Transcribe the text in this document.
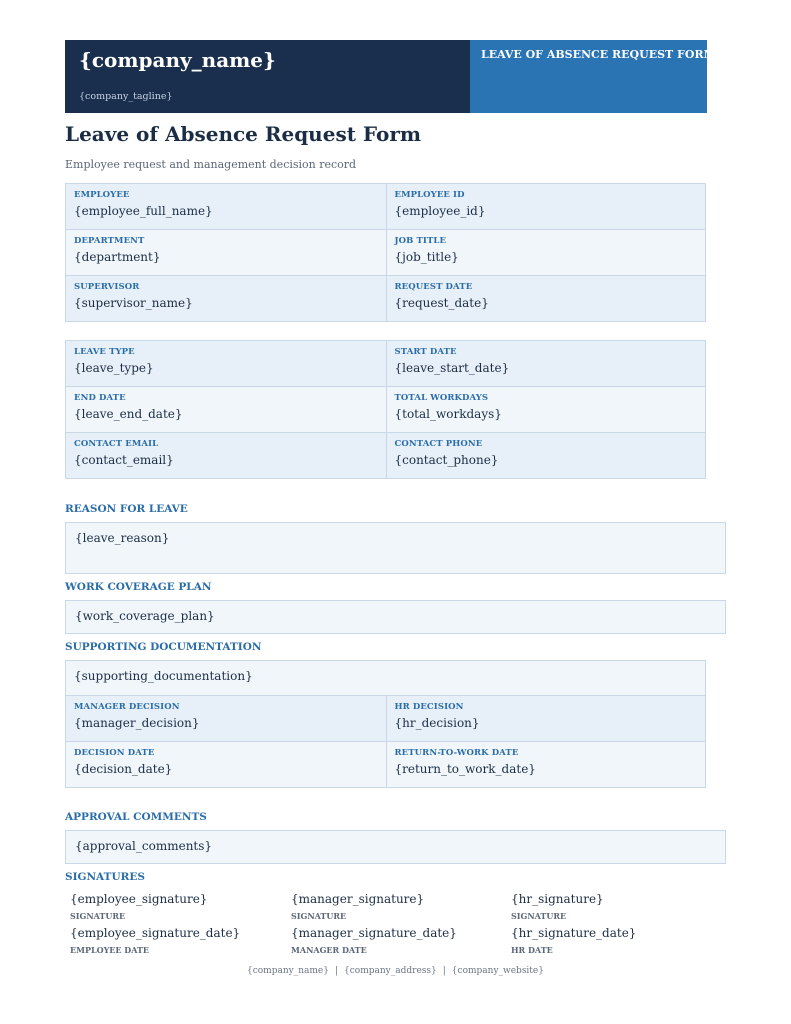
{company_name}
{company_tagline}
LEAVE OF ABSENCE REQUEST FORM
Leave of Absence Request Form
Employee request and management decision record
EMPLOYEE
{employee_full_name}
EMPLOYEE ID
{employee_id}
DEPARTMENT
{department}
JOB TITLE
{job_title}
SUPERVISOR
{supervisor_name}
REQUEST DATE
{request_date}
LEAVE TYPE
{leave_type}
START DATE
{leave_start_date}
END DATE
{leave_end_date}
TOTAL WORKDAYS
{total_workdays}
CONTACT EMAIL
{contact_email}
CONTACT PHONE
{contact_phone}
REASON FOR LEAVE
{leave_reason}
WORK COVERAGE PLAN
{work_coverage_plan}
SUPPORTING DOCUMENTATION
{supporting_documentation}
MANAGER DECISION
{manager_decision}
HR DECISION
{hr_decision}
DECISION DATE
{decision_date}
RETURN-TO-WORK DATE
{return_to_work_date}
APPROVAL COMMENTS
{approval_comments}
SIGNATURES
{employee_signature}
SIGNATURE
{employee_signature_date}
EMPLOYEE DATE
{manager_signature}
SIGNATURE
{manager_signature_date}
MANAGER DATE
{hr_signature}
SIGNATURE
{hr_signature_date}
HR DATE
{company_name} | {company_address} | {company_website}
